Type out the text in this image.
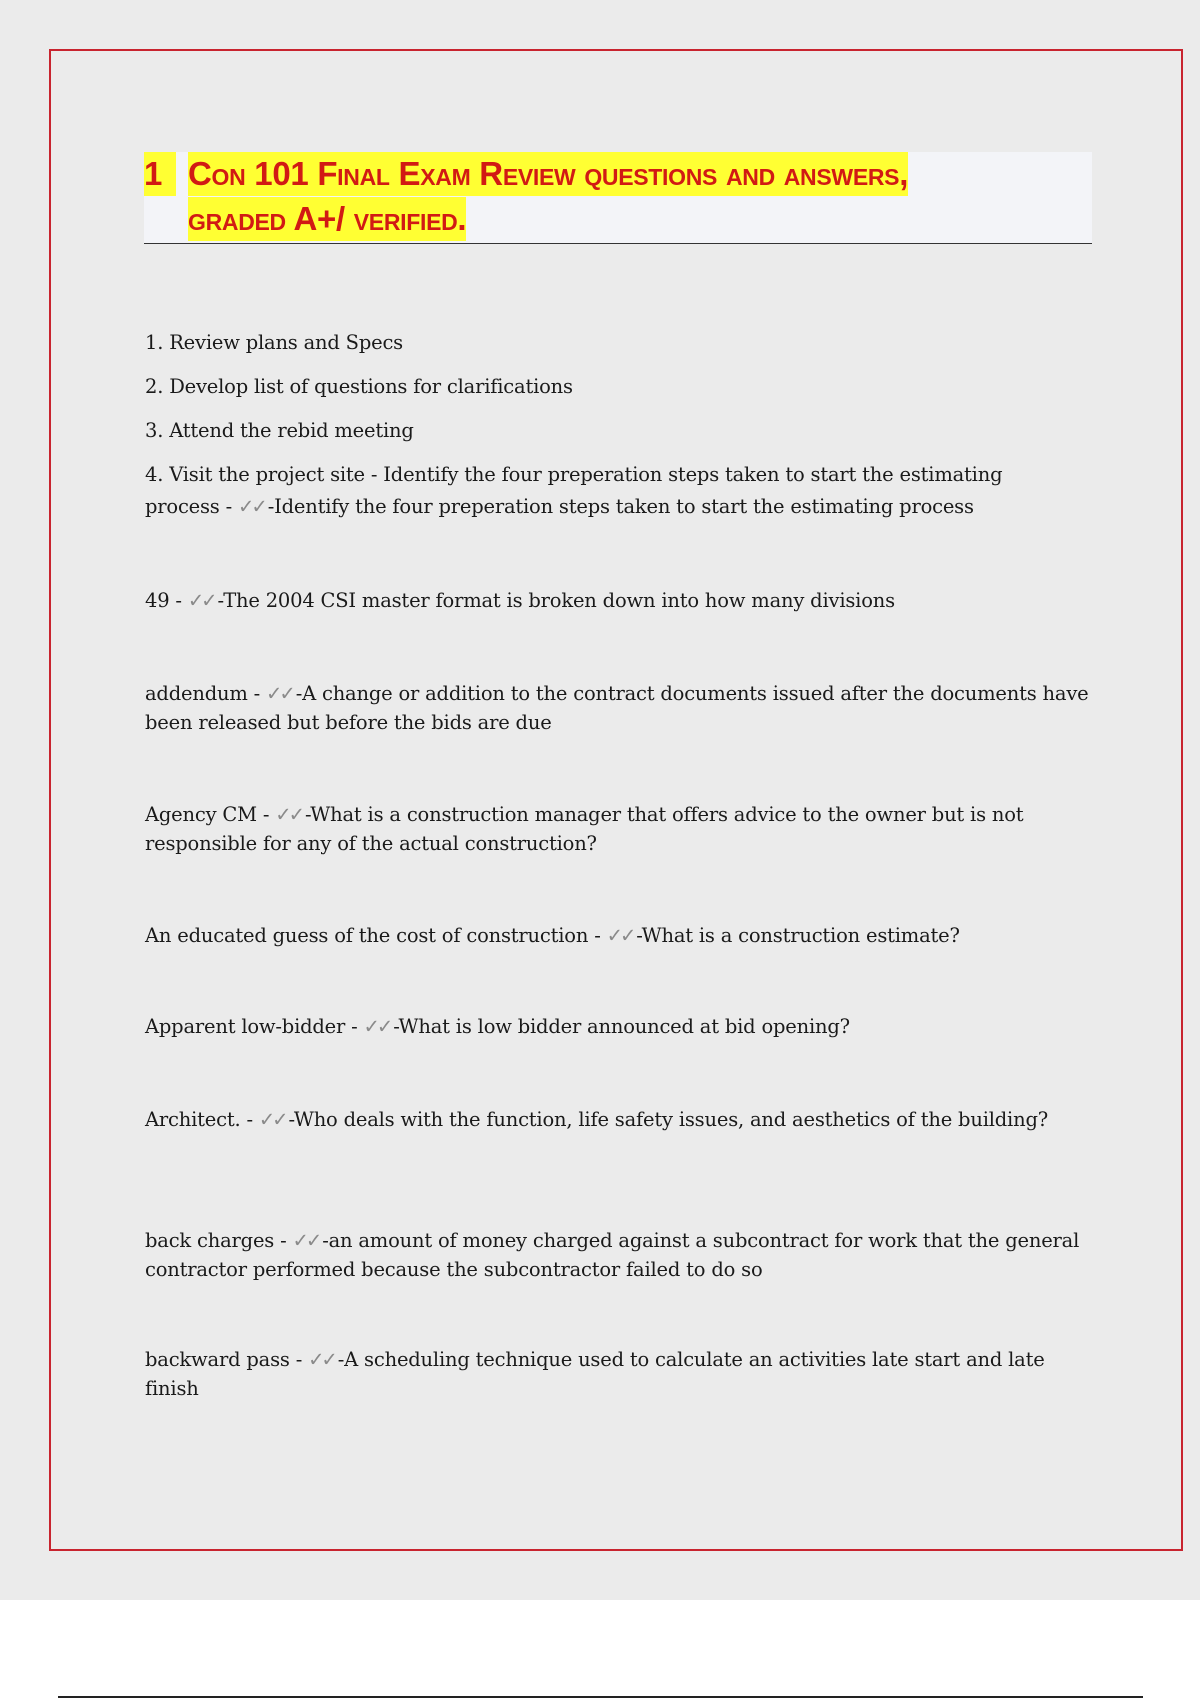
1 Con 101 Final Exam Review questions and answers,
graded A+/ verified.
1. Review plans and Specs
2. Develop list of questions for clarifications
3. Attend the rebid meeting
4. Visit the project site - Identify the four preperation steps taken to start the estimating
process - ✓✓ -Identify the four preperation steps taken to start the estimating process
49 - ✓✓ -The 2004 CSI master format is broken down into how many divisions
addendum - ✓✓ -A change or addition to the contract documents issued after the documents have been released but before the bids are due
Agency CM - ✓✓ -What is a construction manager that offers advice to the owner but is not responsible for any of the actual construction?
An educated guess of the cost of construction - ✓✓ -What is a construction estimate?
Apparent low-bidder - ✓✓ -What is low bidder announced at bid opening?
Architect. - ✓✓ -Who deals with the function, life safety issues, and aesthetics of the building?
back charges - ✓✓ -an amount of money charged against a subcontract for work that the general contractor performed because the subcontractor failed to do so
backward pass - ✓✓ -A scheduling technique used to calculate an activities late start and late finish
